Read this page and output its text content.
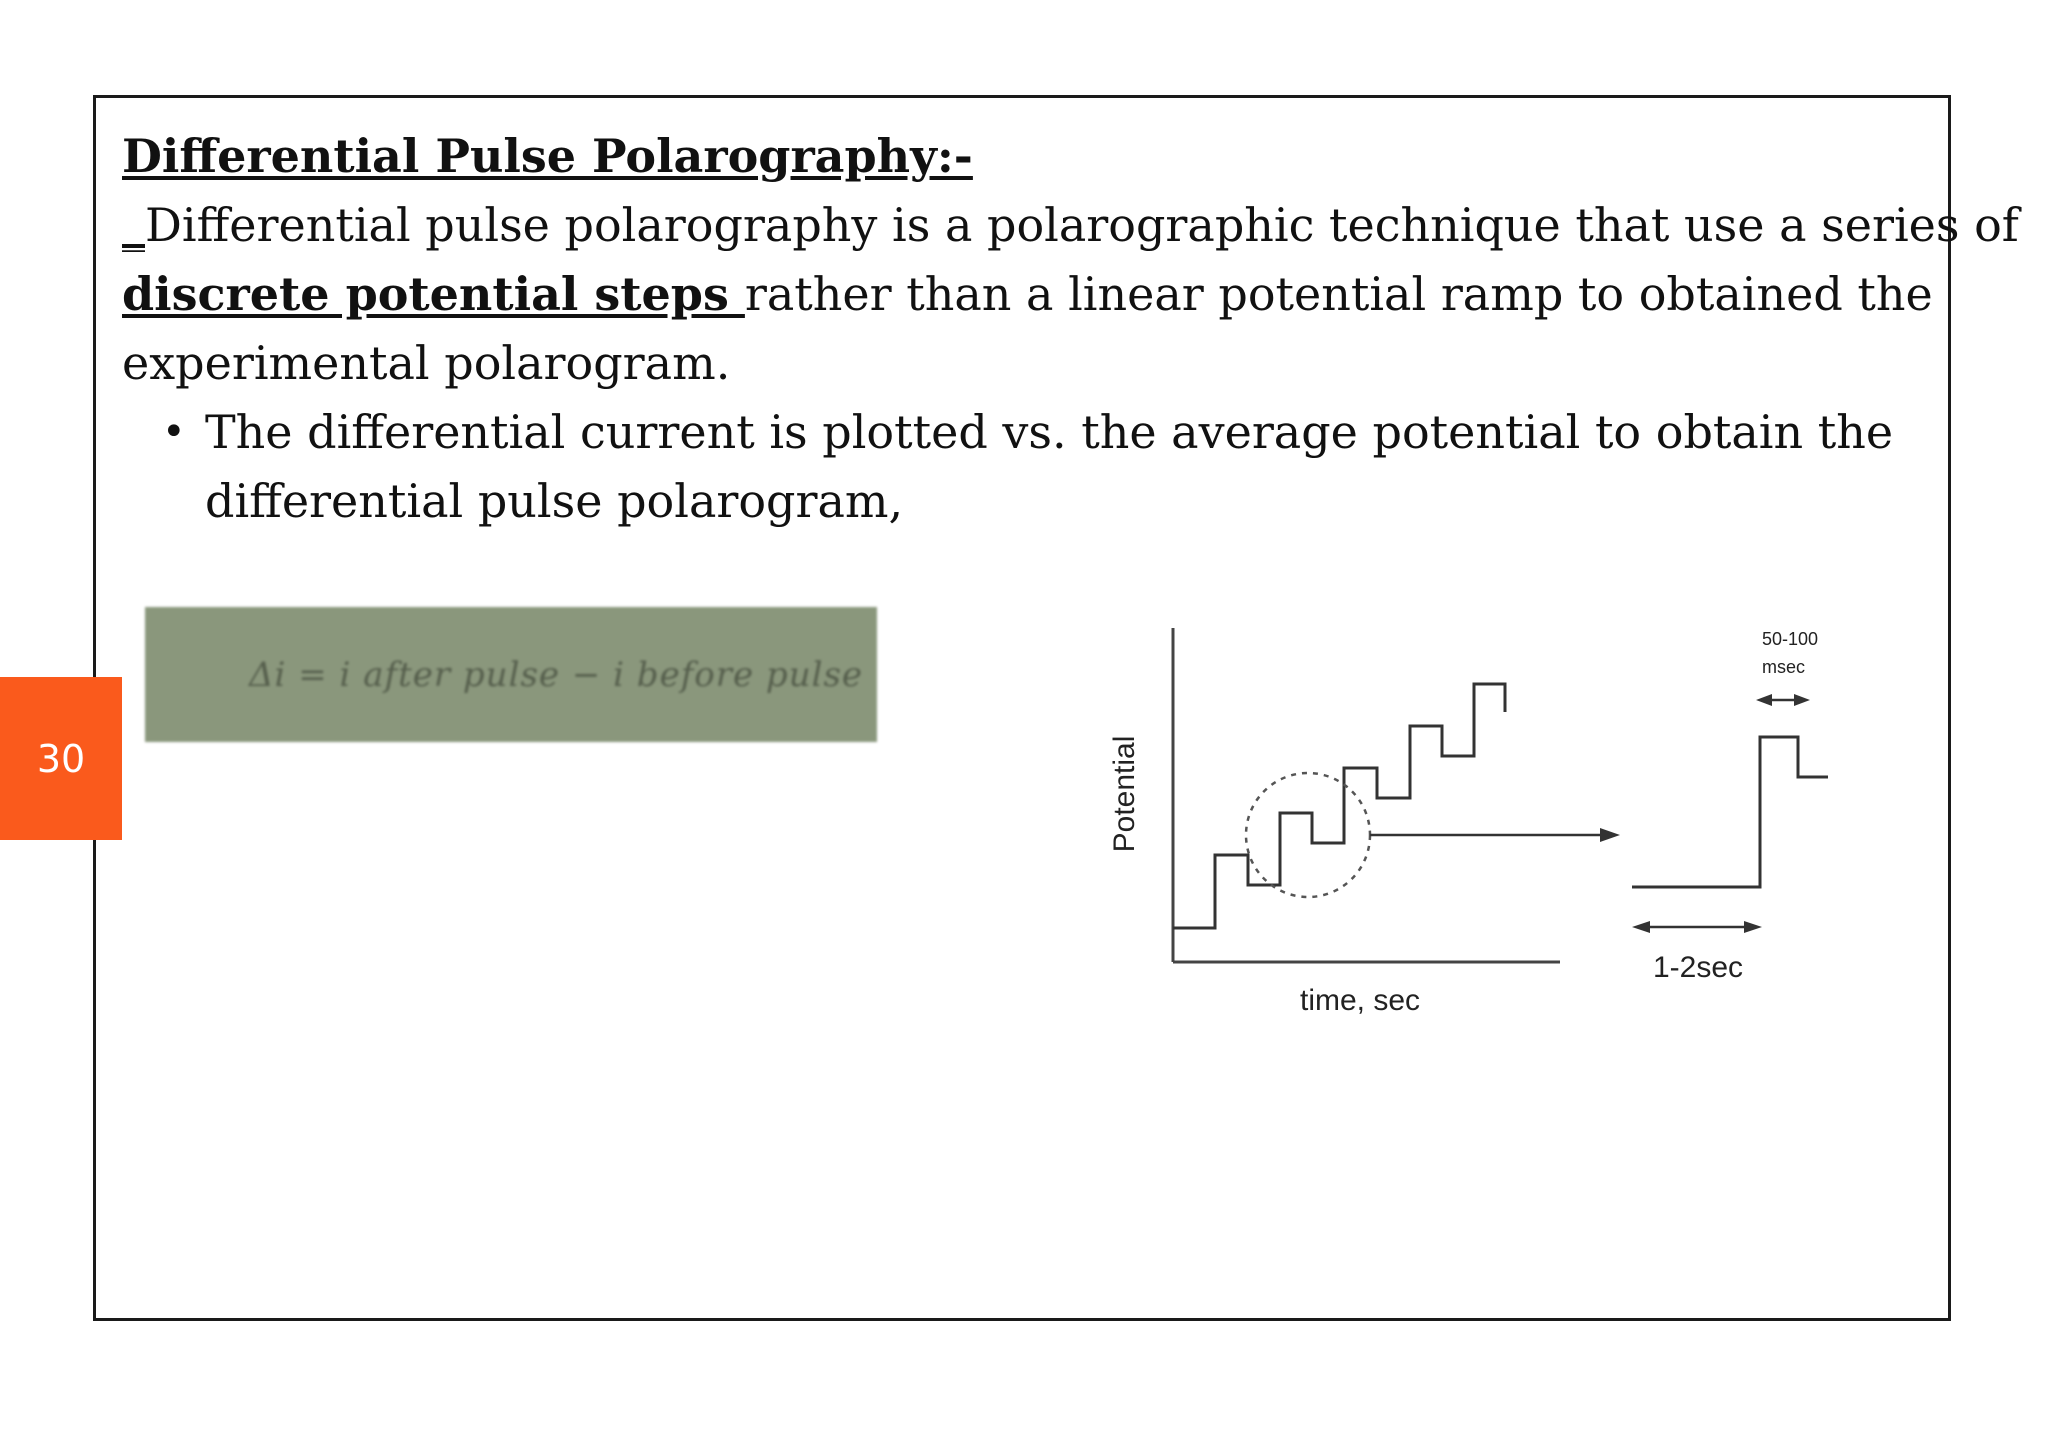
30
Differential Pulse Polarography:-

_Differential pulse polarography is a polarographic technique that use a series of
discrete potential steps rather than a linear potential ramp to obtained the
experimental polarogram.

• The differential current is plotted vs. the average potential to obtain the
differential pulse polarogram,
Δi = i after pulse − i before pulse
Potential
time, sec
50-100
msec
1-2sec
